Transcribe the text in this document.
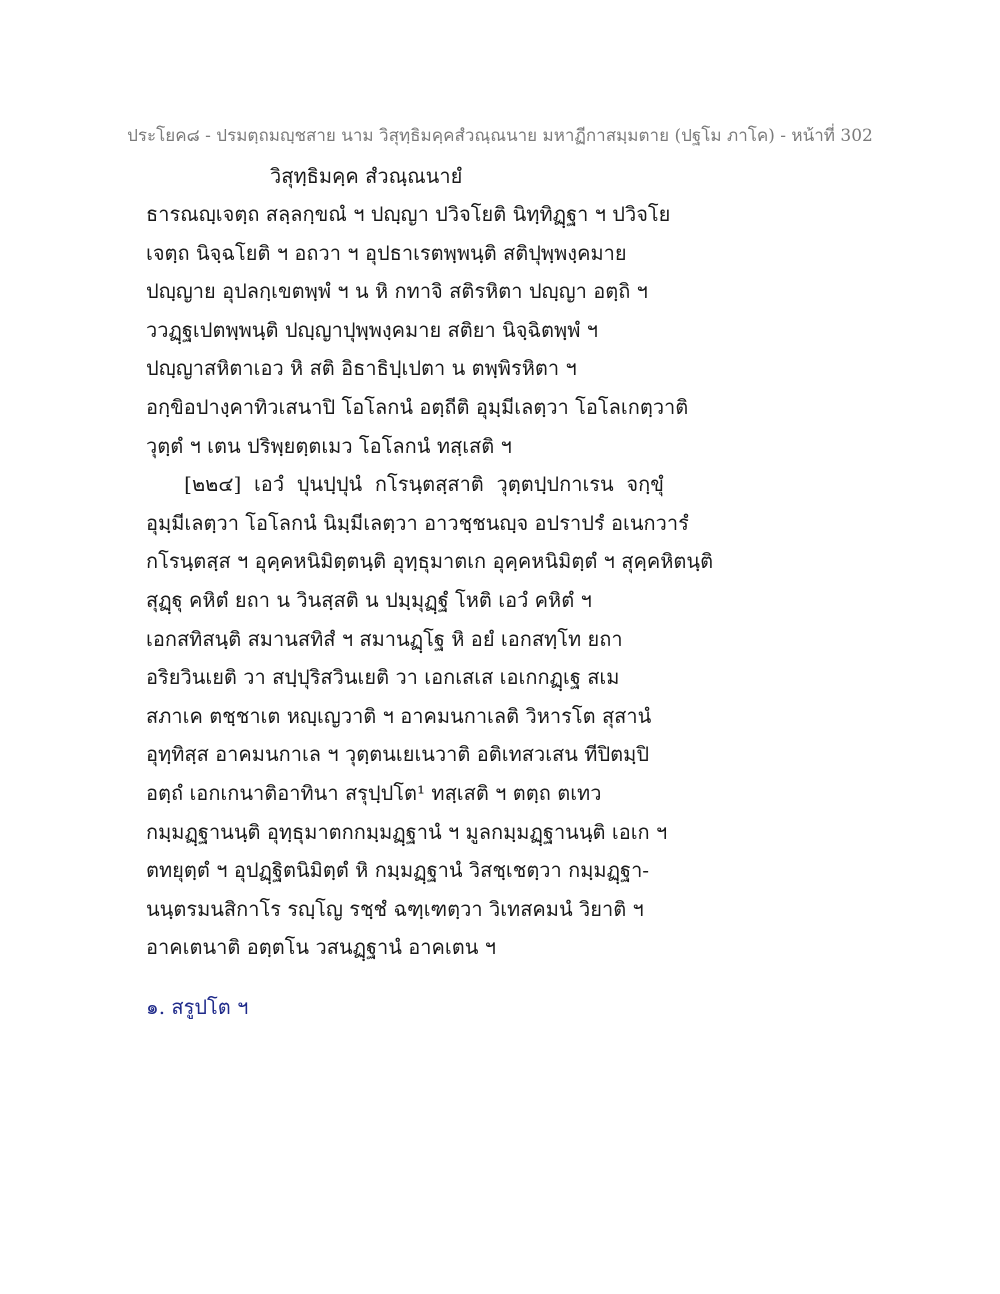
ประโยค๘ - ปรมตฺถมญฺชสาย นาม วิสุทฺธิมคฺคสํวณฺณนาย มหาฏีกาสมฺมตาย (ปฐโม ภาโค) - หน้าที่ 302
วิสุทฺธิมคฺค สํวณฺณนายํ
ธารณญฺเจตฺถ สลฺลกฺขณํ ฯ ปญฺญา ปวิจโยติ นิทฺทิฏฺฐา ฯ ปวิจโย
เจตฺถ นิจฺฉโยติ ฯ อถวา ฯ อุปธาเรตพฺพนฺติ สติปุพฺพงฺคมาย
ปญฺญาย อุปลกฺเขตพฺพํ ฯ น หิ กทาจิ สติรหิตา ปญฺญา อตฺถิ ฯ
ววฏฺฐเปตพฺพนฺติ ปญฺญาปุพฺพงฺคมาย สติยา นิจฺฉิตพฺพํ ฯ
ปญฺญาสหิตาเอว หิ สติ อิธาธิปฺเปตา น ตพฺพิรหิตา ฯ
อกฺขิอปางฺคาทิวเสนาปิ โอโลกนํ อตฺถีติ อุมฺมีเลตฺวา โอโลเกตฺวาติ
วุตฺตํ ฯ เตน ปริพฺยตฺตเมว โอโลกนํ ทสฺเสติ ฯ
[๒๒๔]  เอวํ  ปุนปฺปุนํ  กโรนฺตสฺสาติ  วุตฺตปฺปกาเรน  จกฺขุํ
อุมฺมีเลตฺวา โอโลกนํ นิมฺมีเลตฺวา อาวชฺชนญฺจ อปราปรํ อเนกวารํ
กโรนฺตสฺส ฯ อุคฺคหนิมิตฺตนฺติ อุทฺธุมาตเก อุคฺคหนิมิตฺตํ ฯ สุคฺคหิตนฺติ
สุฏฺฐุ คหิตํ ยถา น วินสฺสติ น ปมฺมุฏฺฐํ โหติ เอวํ คหิตํ ฯ
เอกสทิสนฺติ สมานสทิสํ ฯ สมานฏฺโฐ หิ อยํ เอกสทฺโท ยถา
อริยวินเยติ วา สปฺปุริสวินเยติ วา เอกเสเส เอเกกฏฺเฐ สเม
สภาเค ตชฺชาเต หญฺเญวาติ ฯ อาคมนกาเลติ วิหารโต สุสานํ
อุทฺทิสฺส อาคมนกาเล ฯ วุตฺตนเยเนวาติ อติเทสวเสน ทีปิตมฺปิ
อตฺถํ เอกเกนาติอาทินา สรุปฺปโต¹ ทสฺเสติ ฯ ตตฺถ ตเทว
กมฺมฏฺฐานนฺติ อุทฺธุมาตกกมฺมฏฺฐานํ ฯ มูลกมฺมฏฺฐานนฺติ เอเก ฯ
ตทยุตฺตํ ฯ อุปฏฺฐิตนิมิตฺตํ หิ กมฺมฏฺฐานํ วิสชฺเชตฺวา กมฺมฏฺฐา-
นนฺตรมนสิกาโร รญฺโญ รชฺชํ ฉฑฺเฑตฺวา วิเทสคมนํ วิยาติ ฯ
อาคเตนาติ อตฺตโน วสนฏฺฐานํ อาคเตน ฯ
๑. สรูปโต ฯ
